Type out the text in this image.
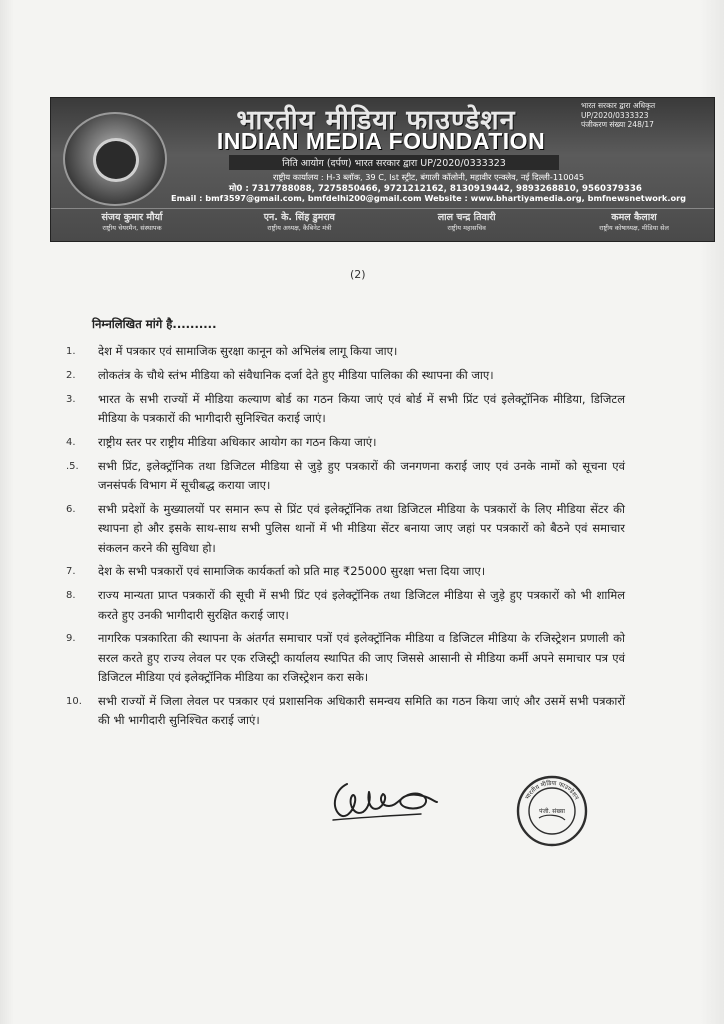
भारतीय मीडिया फाउण्डेशन
INDIAN MEDIA FOUNDATION
निति आयोग (दर्पण) भारत सरकार द्वारा UP/2020/0333323
भारत सरकार द्वारा अधिकृत
UP/2020/0333323
पंजीकरण संख्या 248/17
राष्ट्रीय कार्यालय : H-3 ब्लॉक, 39 C, Ist स्ट्रीट, बंगाली कॉलोनी, महावीर एन्क्लेव, नई दिल्ली-110045
मो0 : 7317788088, 7275850466, 9721212162, 8130919442, 9893268810, 9560379336
Email : bmf3597@gmail.com, bmfdelhi200@gmail.com Website : www.bhartiyamedia.org, bmfnewsnetwork.org
संजय कुमार मौर्या
राष्ट्रीय चेयरमैन, संस्थापक
एन. के. सिंह डुमराव
राष्ट्रीय अध्यक्ष, कैबिनेट मंत्री
लाल चन्द्र तिवारी
राष्ट्रीय महासचिव
कमल कैलाश
राष्ट्रीय कोषाध्यक्ष, मीडिया सेल
(2)
निम्नलिखित मांगे है..........
1.	देश में पत्रकार एवं सामाजिक सुरक्षा कानून को अभिलंब लागू किया जाए।
2.	लोकतंत्र के चौथे स्तंभ मीडिया को संवैधानिक दर्जा देते हुए मीडिया पालिका की स्थापना की जाए।
3.	भारत के सभी राज्यों में मीडिया कल्याण बोर्ड का गठन किया जाएं एवं बोर्ड में सभी प्रिंट एवं इलेक्ट्रॉनिक मीडिया, डिजिटल मीडिया के पत्रकारों की भागीदारी सुनिश्चित कराई जाएं।
4.	राष्ट्रीय स्तर पर राष्ट्रीय मीडिया अधिकार आयोग का गठन किया जाएं।
.5.	सभी प्रिंट, इलेक्ट्रॉनिक तथा डिजिटल मीडिया से जुड़े हुए पत्रकारों की जनगणना कराई जाए एवं उनके नामों को सूचना एवं जनसंपर्क विभाग में सूचीबद्ध कराया जाए।
6.	सभी प्रदेशों के मुख्यालयों पर समान रूप से प्रिंट एवं इलेक्ट्रॉनिक तथा डिजिटल मीडिया के पत्रकारों के लिए मीडिया सेंटर की स्थापना हो और इसके साथ-साथ सभी पुलिस थानों में भी मीडिया सेंटर बनाया जाए जहां पर पत्रकारों को बैठने एवं समाचार संकलन करने की सुविधा हो।
7.	देश के सभी पत्रकारों एवं सामाजिक कार्यकर्ता को प्रति माह ₹25000 सुरक्षा भत्ता दिया जाए।
8.	राज्य मान्यता प्राप्त पत्रकारों की सूची में सभी प्रिंट एवं इलेक्ट्रॉनिक तथा डिजिटल मीडिया से जुड़े हुए पत्रकारों को भी शामिल करते हुए उनकी भागीदारी सुरक्षित कराई जाए।
9.	नागरिक पत्रकारिता की स्थापना के अंतर्गत समाचार पत्रों एवं इलेक्ट्रॉनिक मीडिया व डिजिटल मीडिया के रजिस्ट्रेशन प्रणाली को सरल करते हुए राज्य लेवल पर एक रजिस्ट्री कार्यालय स्थापित की जाए जिससे आसानी से मीडिया कर्मी अपने समाचार पत्र एवं डिजिटल मीडिया एवं इलेक्ट्रॉनिक मीडिया का रजिस्ट्रेशन करा सके।
10.	सभी राज्यों में जिला लेवल पर पत्रकार एवं प्रशासनिक अधिकारी समन्वय समिति का गठन किया जाएं और उसमें सभी पत्रकारों की भी भागीदारी सुनिश्चित कराई जाएं।
भारतीय मीडिया फाउण्डेशन
पंजी. संख्या
